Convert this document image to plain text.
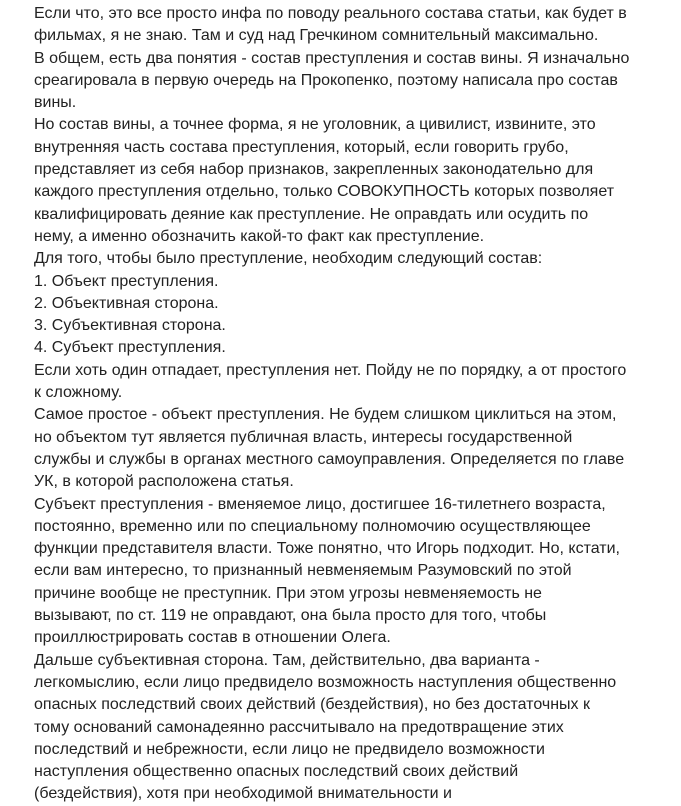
Если что, это все просто инфа по поводу реального состава статьи, как будет в
фильмах, я не знаю. Там и суд над Гречкином сомнительный максимально.
В общем, есть два понятия - состав преступления и состав вины. Я изначально
среагировала в первую очередь на Прокопенко, поэтому написала про состав
вины.
Но состав вины, а точнее форма, я не уголовник, а цивилист, извините, это
внутренняя часть состава преступления, который, если говорить грубо,
представляет из себя набор признаков, закрепленных законодательно для
каждого преступления отдельно, только СОВОКУПНОСТЬ которых позволяет
квалифицировать деяние как преступление. Не оправдать или осудить по
нему, а именно обозначить какой-то факт как преступление.
Для того, чтобы было преступление, необходим следующий состав:
1. Объект преступления.
2. Объективная сторона.
3. Субъективная сторона.
4. Субъект преступления.
Если хоть один отпадает, преступления нет. Пойду не по порядку, а от простого
к сложному.
Самое простое - объект преступления. Не будем слишком циклиться на этом,
но объектом тут является публичная власть, интересы государственной
службы и службы в органах местного самоуправления. Определяется по главе
УК, в которой расположена статья.
Субъект преступления - вменяемое лицо, достигшее 16-тилетнего возраста,
постоянно, временно или по специальному полномочию осуществляющее
функции представителя власти. Тоже понятно, что Игорь подходит. Но, кстати,
если вам интересно, то признанный невменяемым Разумовский по этой
причине вообще не преступник. При этом угрозы невменяемость не
вызывают, по ст. 119 не оправдают, она была просто для того, чтобы
проиллюстрировать состав в отношении Олега.
Дальше субъективная сторона. Там, действительно, два варианта -
легкомыслию, если лицо предвидело возможность наступления общественно
опасных последствий своих действий (бездействия), но без достаточных к
тому оснований самонадеянно рассчитывало на предотвращение этих
последствий и небрежности, если лицо не предвидело возможности
наступления общественно опасных последствий своих действий
(бездействия), хотя при необходимой внимательности и
